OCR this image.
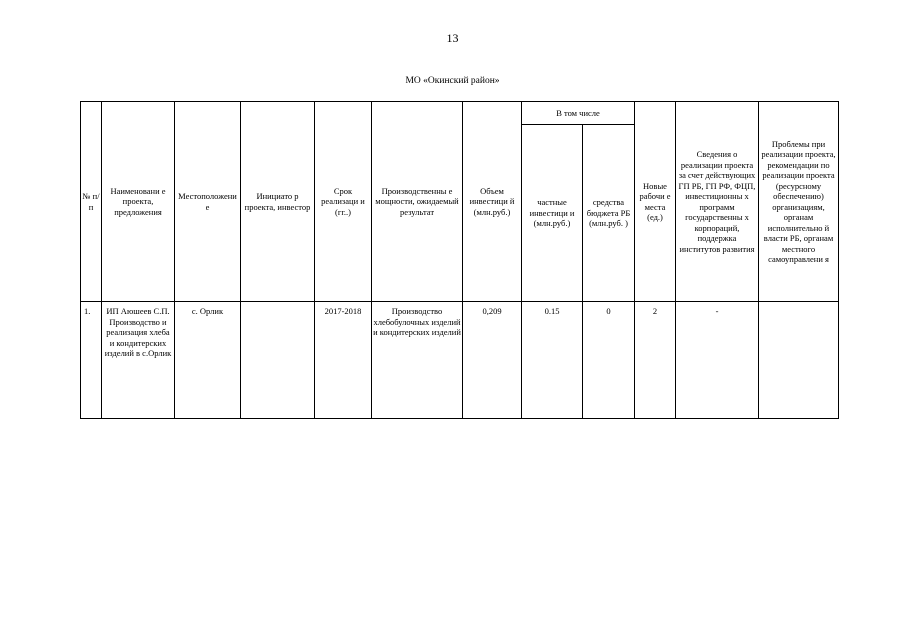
13
МО «Окинский район»
№ п/п	Наименовани е проекта, предложения	Местоположени е	Инициато р проекта, инвестор	Срок реализаци и (гг..)	Производственны е мощности, ожидаемый результат	Объем инвестици й (млн.руб.)	В том числе		Новые рабочи е места (ед.)	Сведения о реализации проекта за счет действующих ГП РБ, ГП РФ, ФЦП, инвестиционны х программ государственны х корпораций, поддержка институтов развития	Проблемы при реализации проекта, рекомендации по реализации проекта (ресурсному обеспечению) организациям, органам исполнительно й власти РБ, органам местного самоуправлени я
							частные инвестици и (млн.руб.)	средства бюджета РБ (млн.руб. )			
1.	ИП Аюшеев С.П. Производство и реализация хлеба и кондитерских изделий в с.Орлик	с. Орлик		2017-2018	Производство хлебобулочных изделий и кондитерских изделий	0,209	0.15	0	2	-	
